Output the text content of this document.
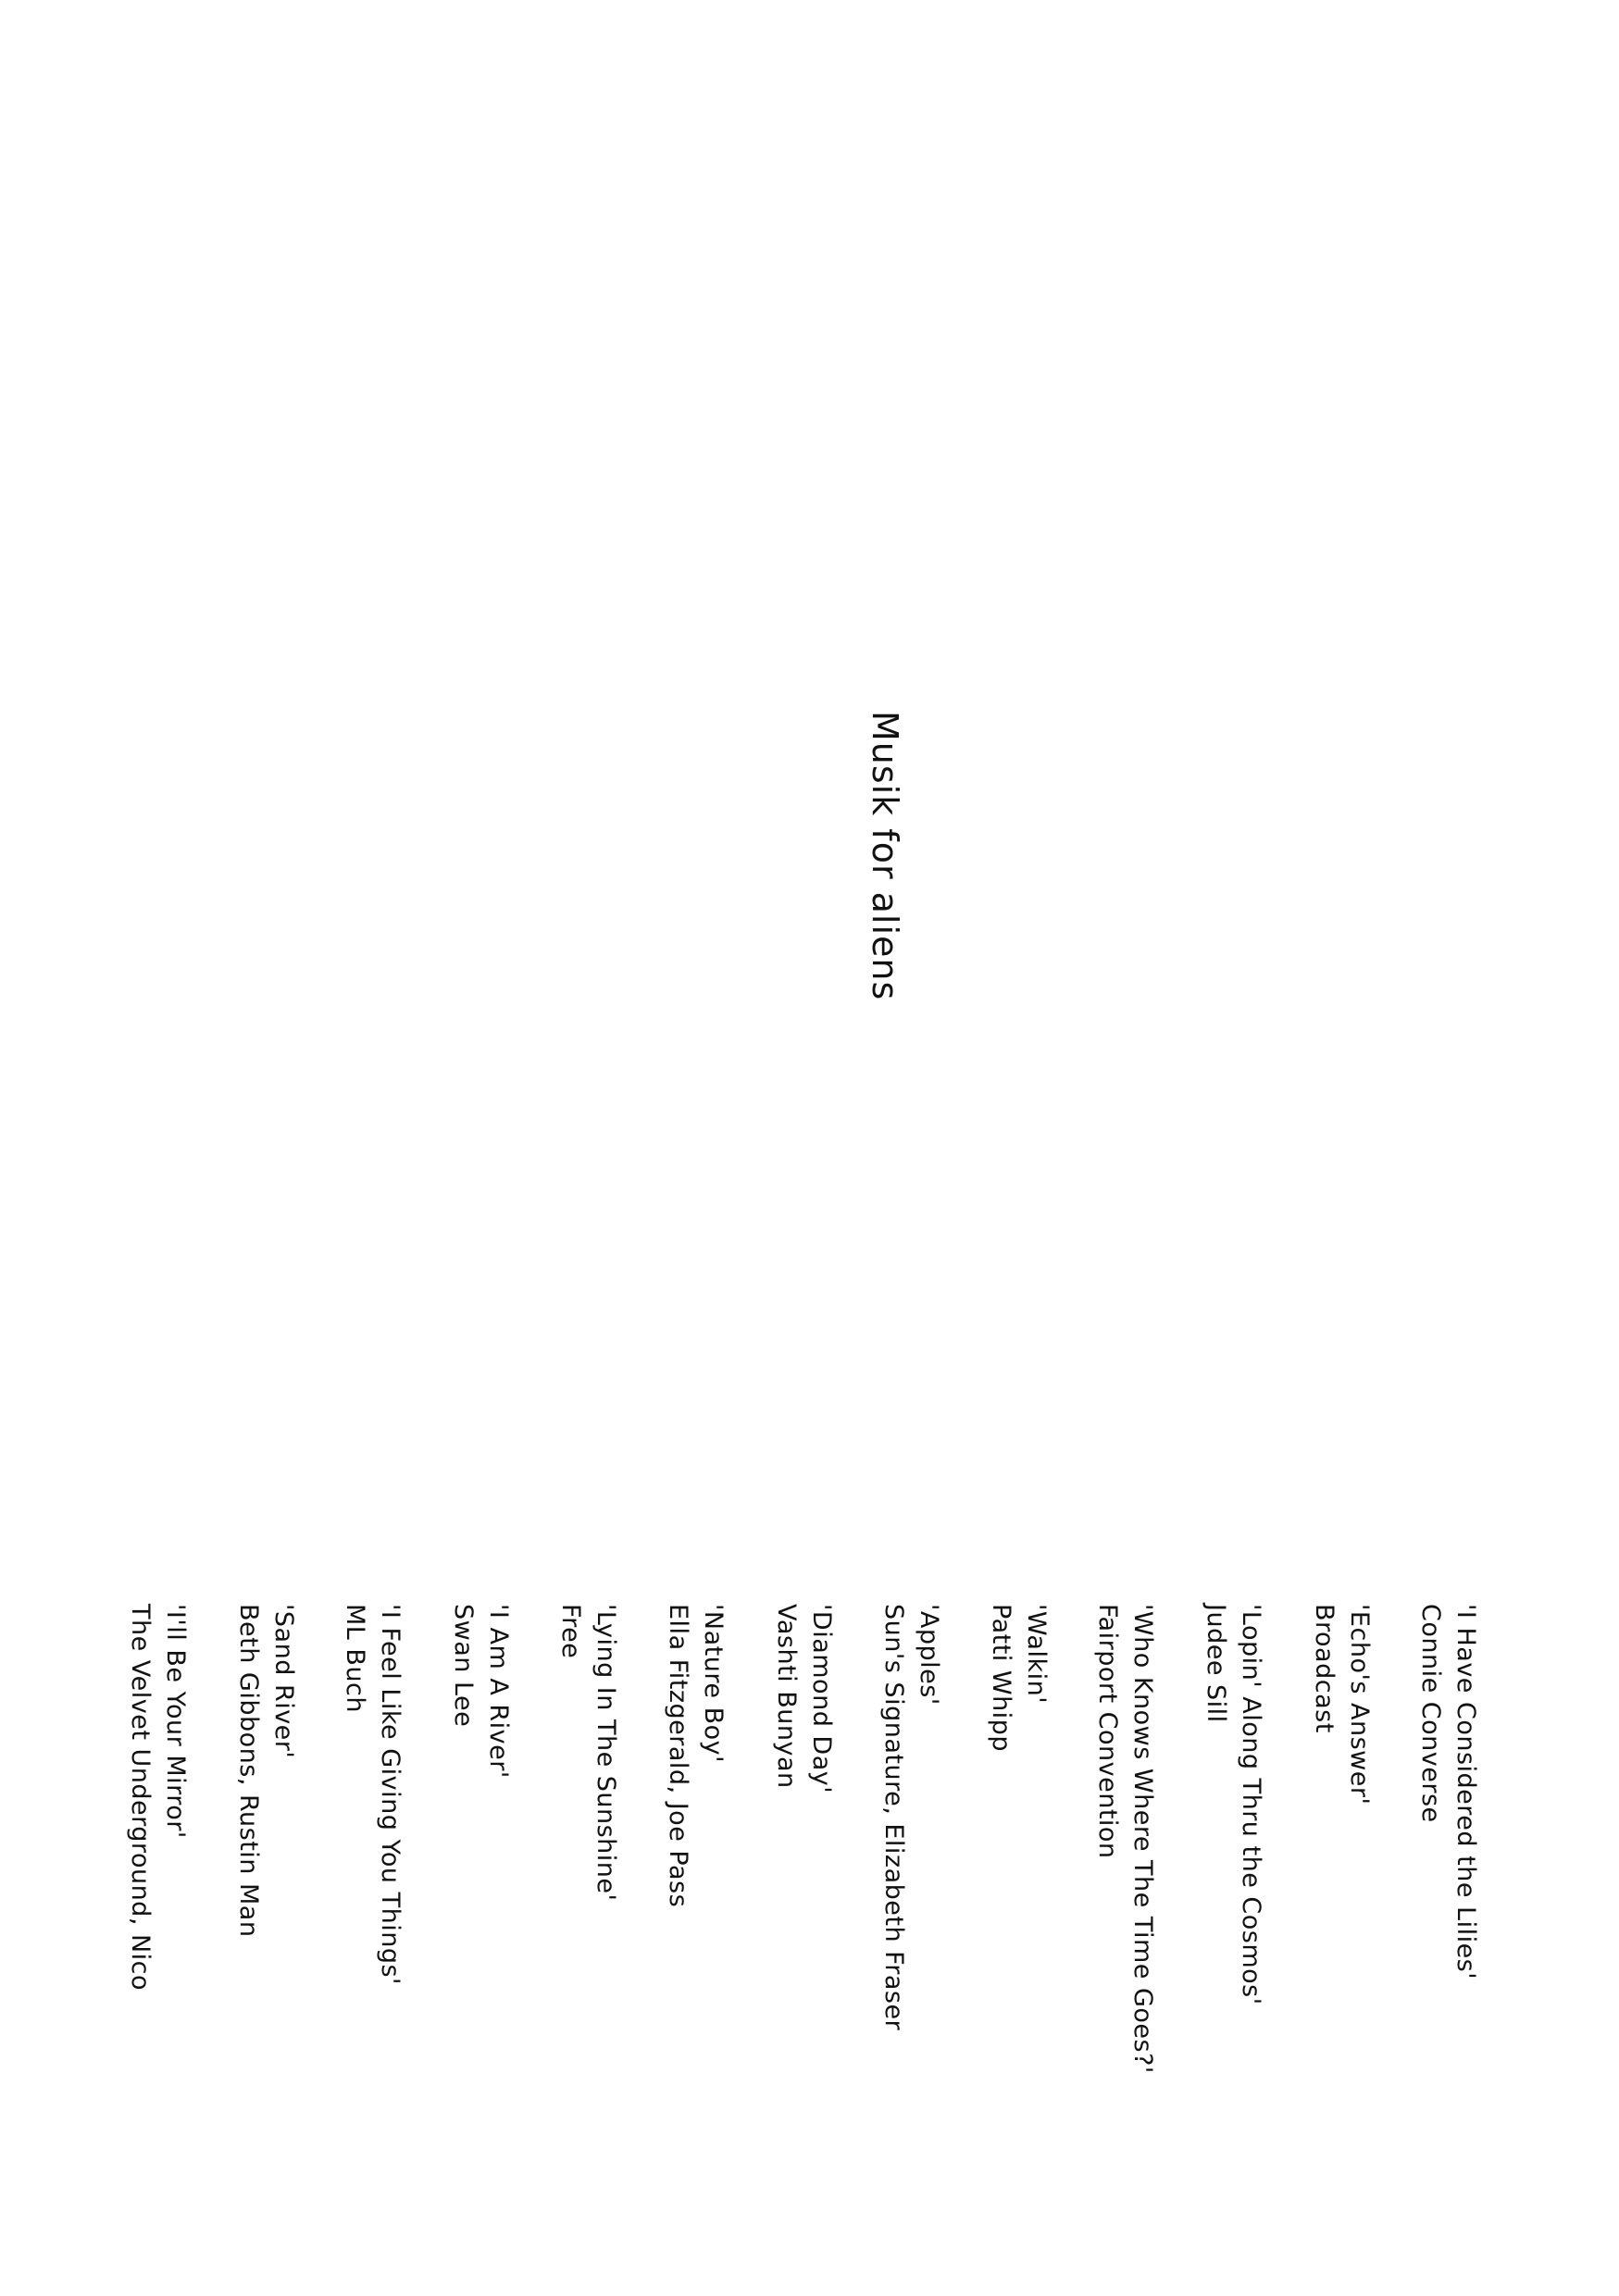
Musik for aliens
'I Have Considered the Lilies'
Connie Converse
'Echo's Answer'
Broadcast
'Lopin' Along Thru the Cosmos'
Judee Sill
'Who Knows Where The Time Goes?'
Fairport Convention
'Walkin'
Patti Whipp
'Apples'
Sun's Signature, Elizabeth Fraser
'Diamond Day'
Vashti Bunyan
'Nature Boy'
Ella Fitzgerald, Joe Pass
'Lying In The Sunshine'
Free
'I Am A River'
Swan Lee
'I Feel Like Giving You Things'
ML Buch
'Sand River'
Beth Gibbons, Rustin Man
'I'll Be Your Mirror'
The Velvet Underground, Nico
